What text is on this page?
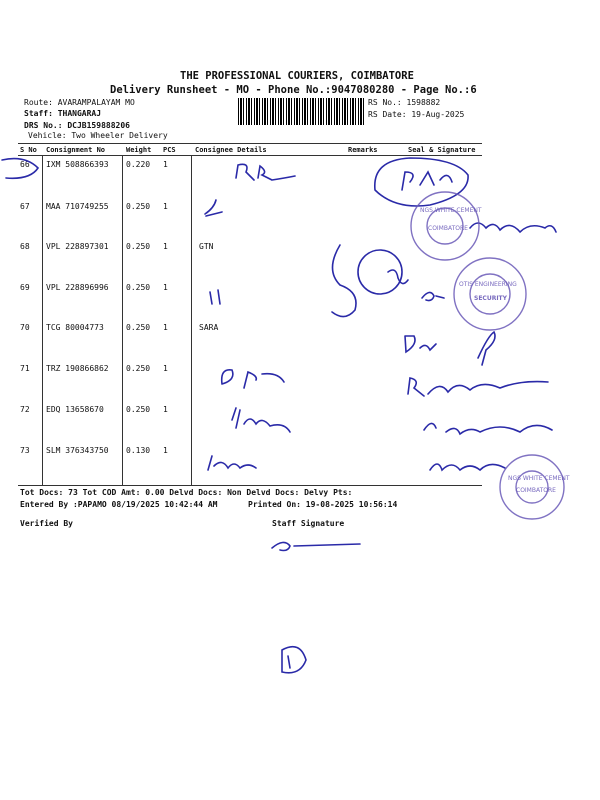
THE PROFESSIONAL COURIERS, COIMBATORE
Delivery Runsheet - MO - Phone No.:9047080280 - Page No.:6
Route: AVARAMPALAYAM MO
Staff: THANGARAJ
DRS No.: DCJB159888206
Vehicle: Two Wheeler Delivery
RS No.: 1598882
RS Date: 19-Aug-2025
S No Consignment No	Weight PCS	Consignee Details	Remarks	Seal & Signature
66 IXM 508866393 0.220 1
67 MAA 710749255 0.250 1
68 VPL 228897301 0.250 1	GTN
69 VPL 228896996 0.250 1
70 TCG 80004773	0.250 1	SARA
71 TRZ 190866862 0.250 1
72 EDQ 13658670	0.250 1
73 SLM 376343750 0.130 1
Tot Docs: 73 Tot COD Amt: 0.00 Delvd Docs: Non Delvd Docs: Delvy Pts:
Entered By :PAPAMO 08/19/2025 10:42:44 AM	Printed On: 19-08-2025 10:56:14
Verified By	Staff Signature
NGS WHITE CEMENT
COIMBATORE
OTIS ENGINEERING
SECURITY
NGS WHITE CEMENT
COIMBATORE
